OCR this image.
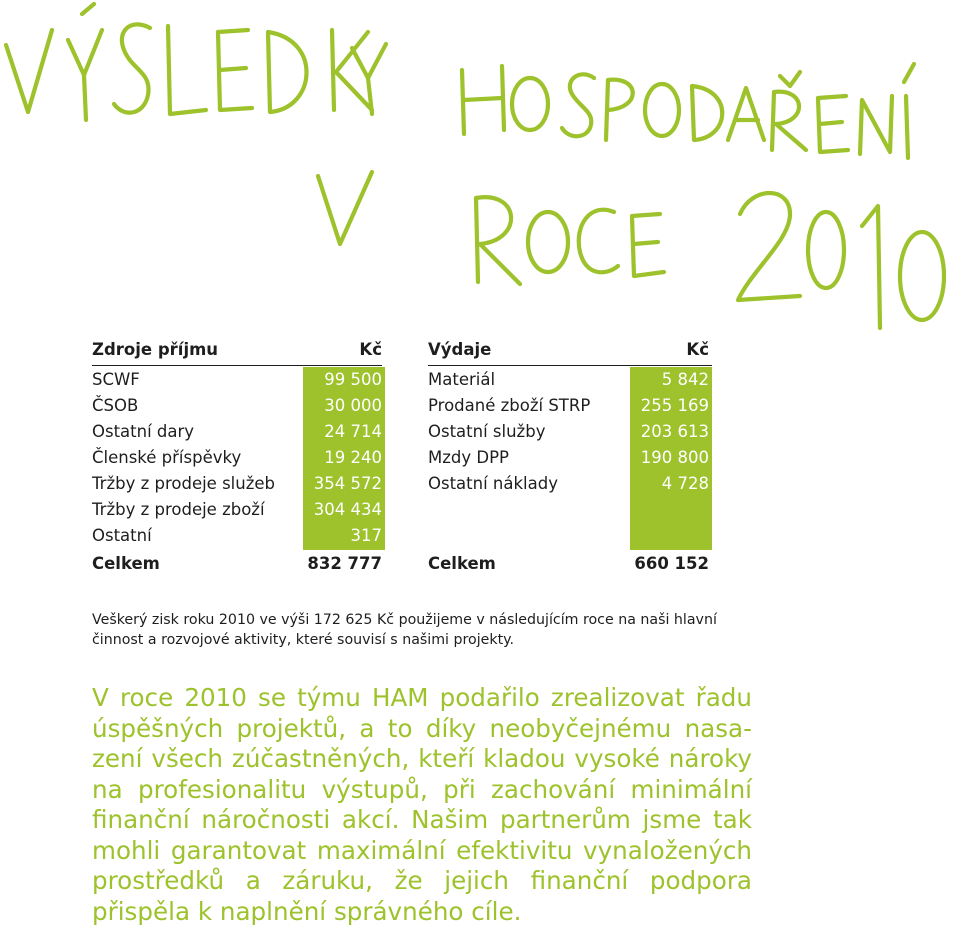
Zdroje příjmu	Kč
SCWF	99 500
ČSOB	30 000
Ostatní dary	24 714
Členské příspěvky	19 240
Tržby z prodeje služeb 354 572
Tržby z prodeje zboží	304 434
Ostatní	317
Celkem	832 777
Výdaje	Kč
Materiál	5 842
Prodané zboží STRP	255 169
Ostatní služby	203 613
Mzdy DPP	190 800
Ostatní náklady	4 728
Celkem	660 152

Veškerý zisk roku 2010 ve výši 172 625 Kč použijeme v následujícím roce na naši hlavní činnost a rozvojové aktivity, které souvisí s našimi projekty.

V roce 2010 se týmu HAM podařilo zrealizovat řadu úspěšných projektů, a to díky neobyčejnému nasazení všech zúčastněných, kteří kladou vysoké nároky na profesionalitu výstupů, při zachování minimální finanční náročnosti akcí. Našim partnerům jsme tak mohli garantovat maximální efektivitu vynaložených prostředků a záruku, že jejich finanční podpora přispěla k naplnění správného cíle.
